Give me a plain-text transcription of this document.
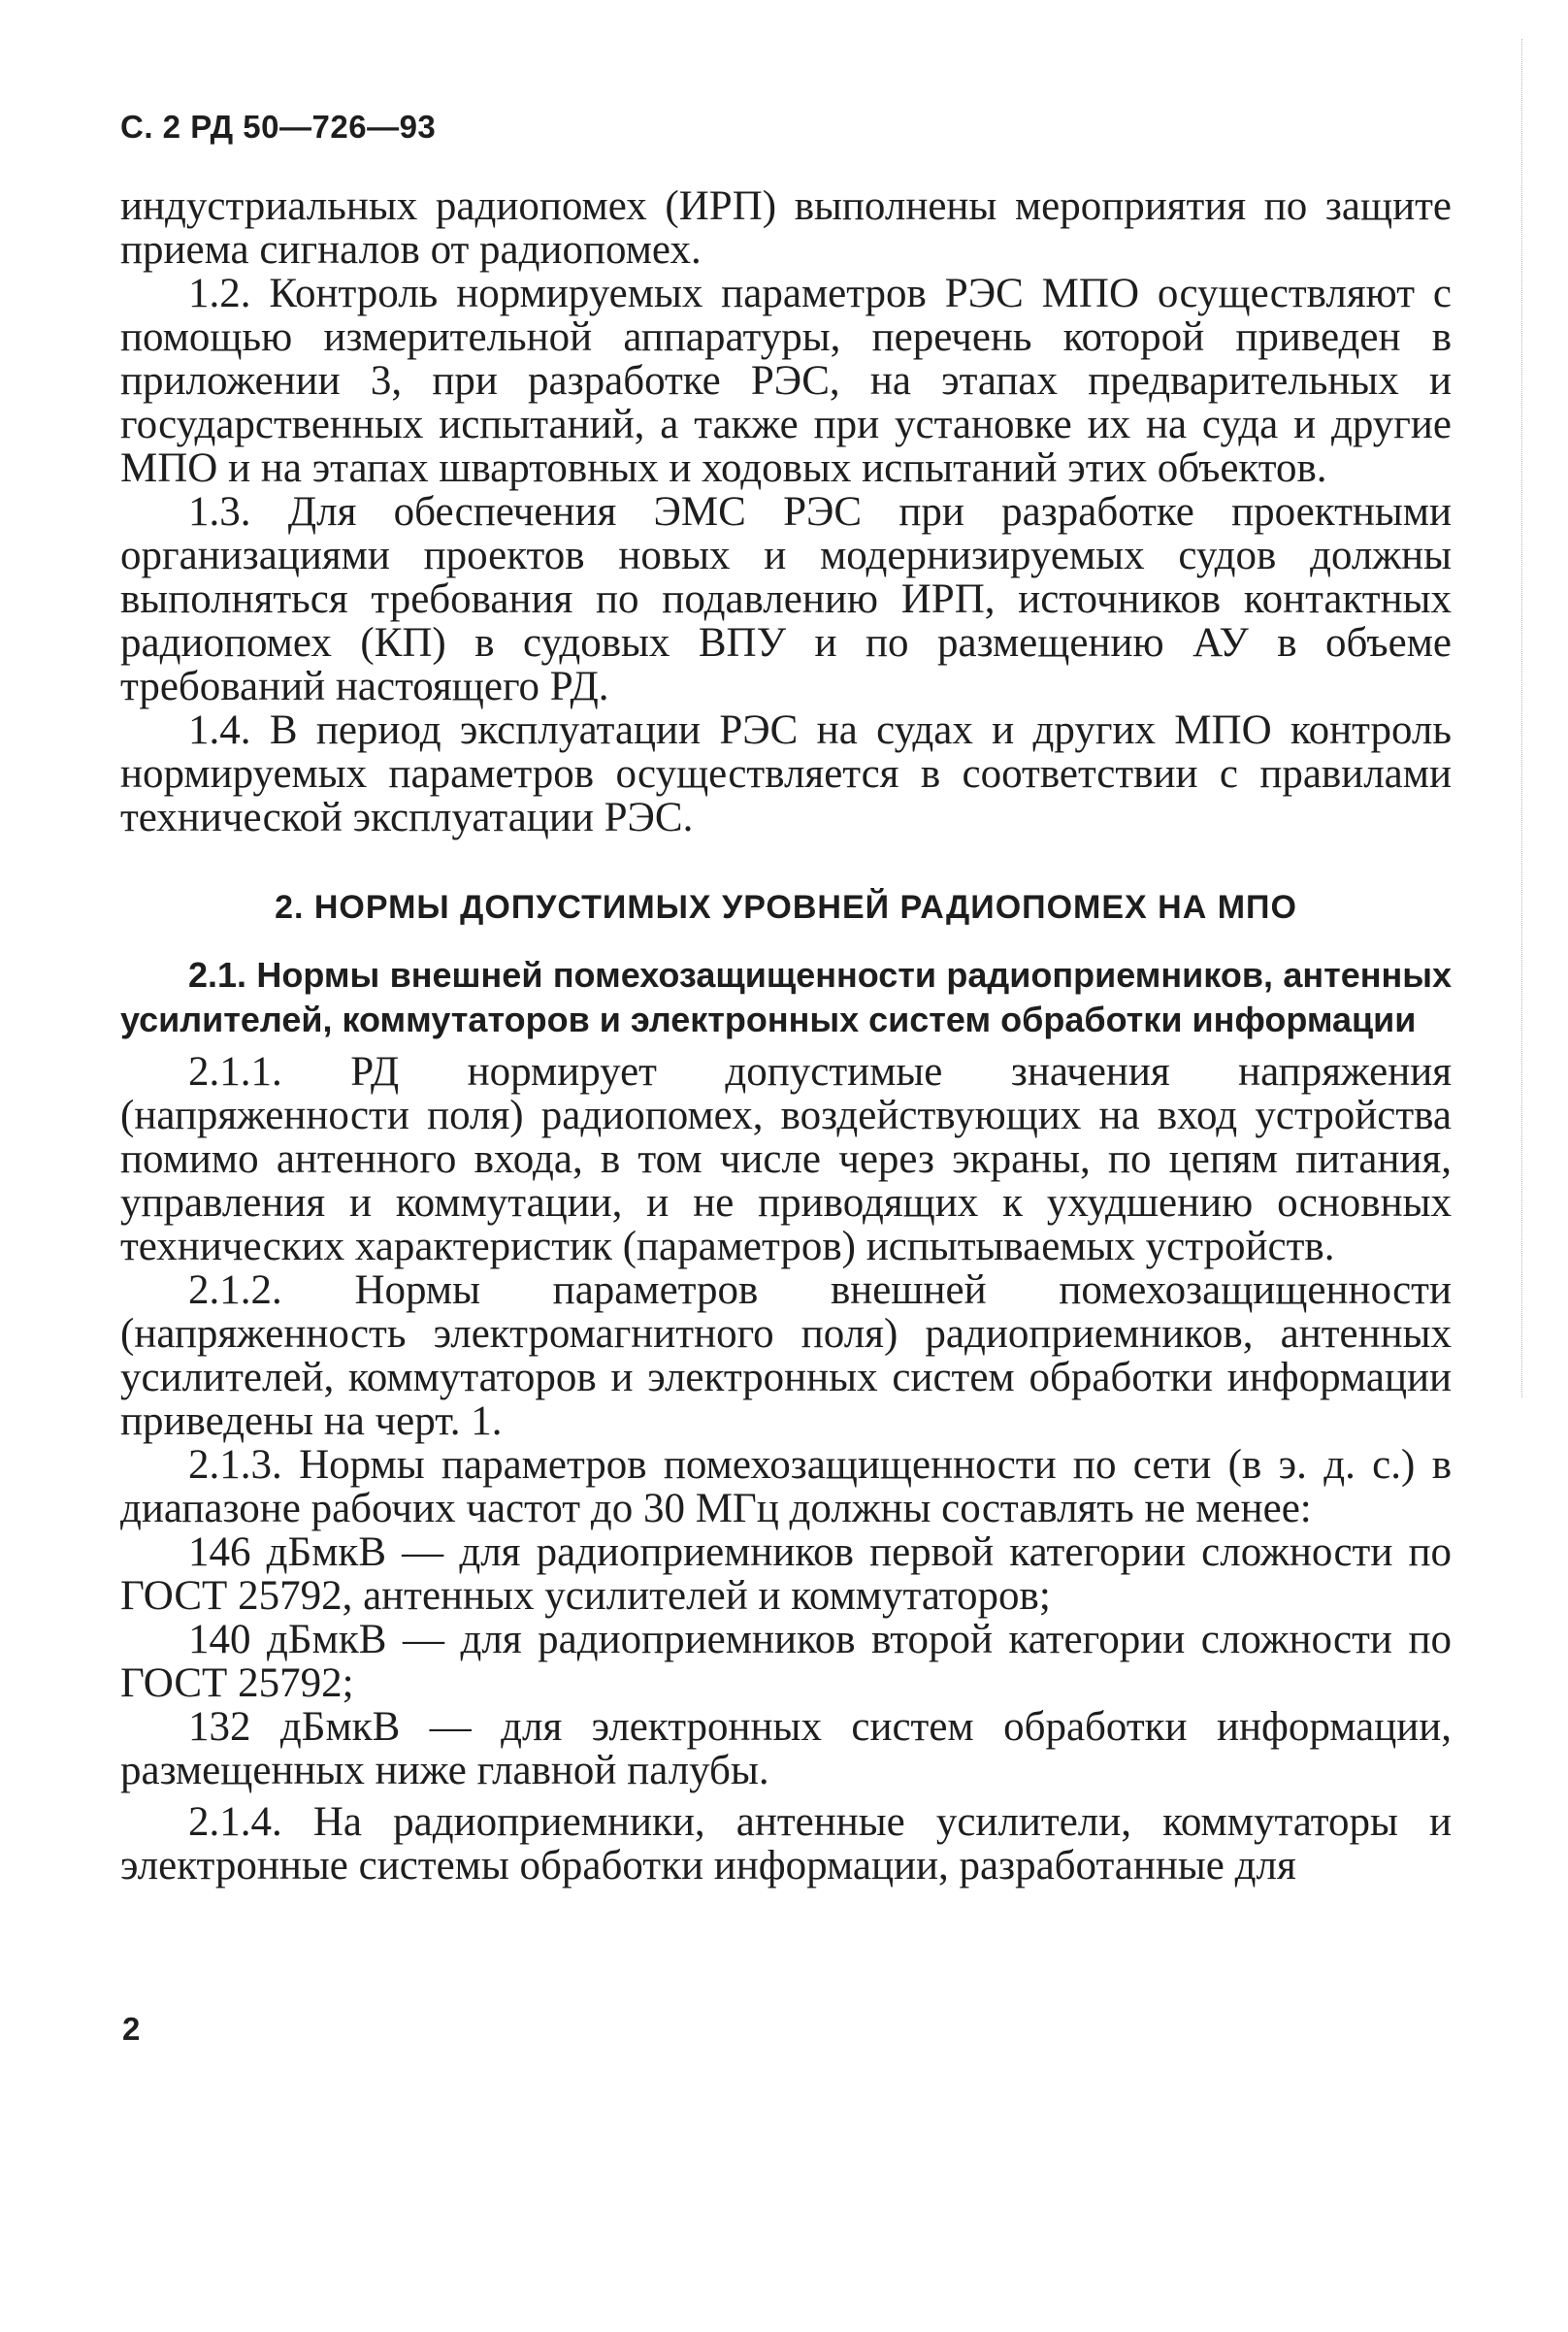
С. 2 РД 50—726—93

индустриальных радиопомех (ИРП) выполнены мероприятия по защите приема сигналов от радиопомех.

1.2. Контроль нормируемых параметров РЭС МПО осуществляют с помощью измерительной аппаратуры, перечень которой приведен в приложении 3, при разработке РЭС, на этапах предварительных и государственных испытаний, а также при установке их на суда и другие МПО и на этапах швартовных и ходовых испытаний этих объектов.

1.3. Для обеспечения ЭМС РЭС при разработке проектными организациями проектов новых и модернизируемых судов должны выполняться требования по подавлению ИРП, источников контактных радиопомех (КП) в судовых ВПУ и по размещению АУ в объеме требований настоящего РД.

1.4. В период эксплуатации РЭС на судах и других МПО контроль нормируемых параметров осуществляется в соответствии с правилами технической эксплуатации РЭС.

2. НОРМЫ ДОПУСТИМЫХ УРОВНЕЙ РАДИОПОМЕХ НА МПО
2.1. Нормы внешней помехозащищенности радиоприемников, антенных усилителей, коммутаторов и электронных систем обработки информации

2.1.1. РД нормирует допустимые значения напряжения (напряженности поля) радиопомех, воздействующих на вход устройства помимо антенного входа, в том числе через экраны, по цепям питания, управления и коммутации, и не приводящих к ухудшению основных технических характеристик (параметров) испытываемых устройств.

2.1.2. Нормы параметров внешней помехозащищенности (напряженность электромагнитного поля) радиоприемников, антенных усилителей, коммутаторов и электронных систем обработки информации приведены на черт. 1.

2.1.3. Нормы параметров помехозащищенности по сети (в э. д. с.) в диапазоне рабочих частот до 30 МГц должны составлять не менее:

146 дБмкВ — для радиоприемников первой категории сложности по ГОСТ 25792, антенных усилителей и коммутаторов;

140 дБмкВ — для радиоприемников второй категории сложности по ГОСТ 25792;

132 дБмкВ — для электронных систем обработки информации, размещенных ниже главной палубы.

2.1.4. На радиоприемники, антенные усилители, коммутаторы и электронные системы обработки информации, разработанные для

2
